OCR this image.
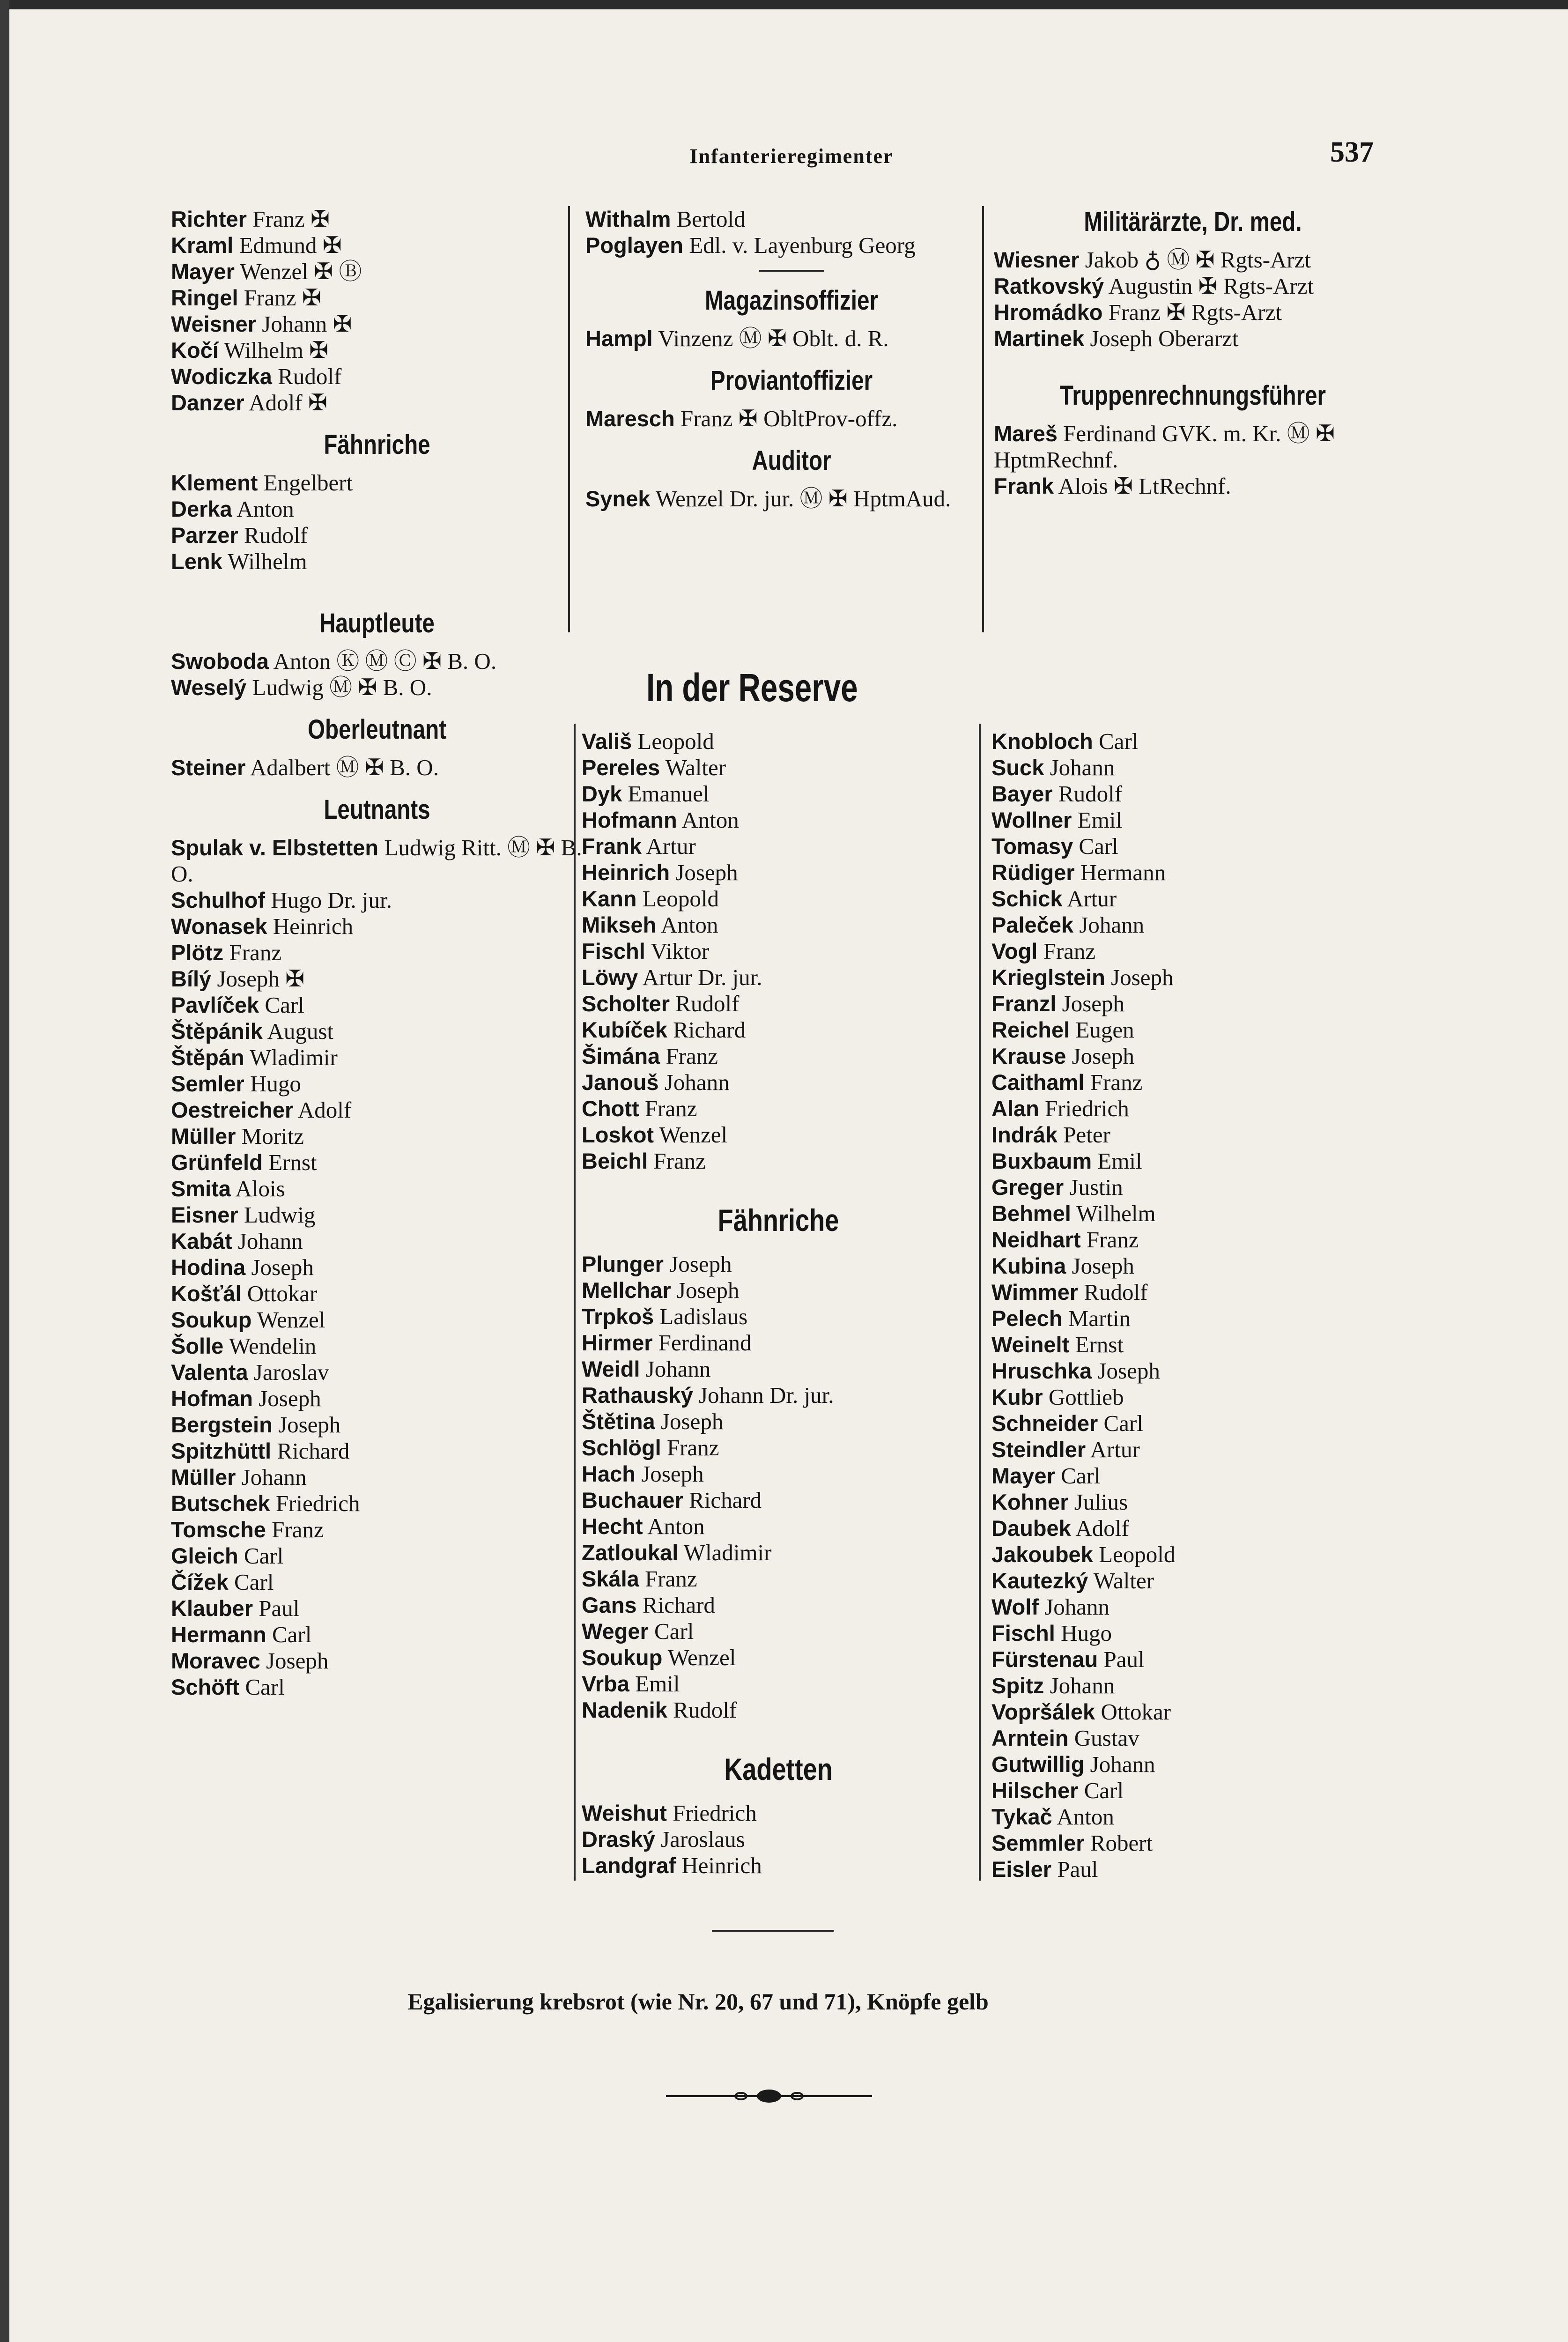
Infanterieregimenter	537
Richter Franz ✠
Kraml Edmund ✠
Mayer Wenzel ✠ Ⓑ
Ringel Franz ✠
Weisner Johann ✠
Kočí Wilhelm ✠
Wodiczka Rudolf
Danzer Adolf ✠
Fähnriche
Klement Engelbert
Derka Anton
Parzer Rudolf
Lenk Wilhelm
Hauptleute
Swoboda Anton Ⓚ Ⓜ Ⓒ ✠ B. O.
Weselý Ludwig Ⓜ ✠ B. O.
Oberleutnant
Steiner Adalbert Ⓜ ✠ B. O.
Leutnants
Spulak v. Elbstetten Ludwig Ritt. Ⓜ ✠ B. O.
Schulhof Hugo Dr. jur.
Wonasek Heinrich
Plötz Franz
Bílý Joseph ✠
Pavlíček Carl
Štěpánik August
Štěpán Wladimir
Semler Hugo
Oestreicher Adolf
Müller Moritz
Grünfeld Ernst
Smita Alois
Eisner Ludwig
Kabát Johann
Hodina Joseph
Košťál Ottokar
Soukup Wenzel
Šolle Wendelin
Valenta Jaroslav
Hofman Joseph
Bergstein Joseph
Spitzhüttl Richard
Müller Johann
Butschek Friedrich
Tomsche Franz
Gleich Carl
Čížek Carl
Klauber Paul
Hermann Carl
Moravec Joseph
Schöft Carl
Withalm Bertold
Poglayen Edl. v. Layenburg Georg
Magazinsoffizier
Hampl Vinzenz Ⓜ ✠ Oblt. d. R.
Proviantoffizier
Maresch Franz ✠ ObltProv-offz.
Auditor
Synek Wenzel Dr. jur. Ⓜ ✠ HptmAud.
Militärärzte, Dr. med.
Wiesner Jakob ♁ Ⓜ ✠ Rgts-Arzt
Ratkovský Augustin ✠ Rgts-Arzt
Hromádko Franz ✠ Rgts-Arzt
Martinek Joseph Oberarzt
Truppenrechnungsführer
Mareš Ferdinand GVK. m. Kr. Ⓜ ✠ HptmRechnf.
Frank Alois ✠ LtRechnf.
In der Reserve
Vališ Leopold
Pereles Walter
Dyk Emanuel
Hofmann Anton
Frank Artur
Heinrich Joseph
Kann Leopold
Mikseh Anton
Fischl Viktor
Löwy Artur Dr. jur.
Scholter Rudolf
Kubíček Richard
Šimána Franz
Janouš Johann
Chott Franz
Loskot Wenzel
Beichl Franz
Fähnriche
Plunger Joseph
Mellchar Joseph
Trpkoš Ladislaus
Hirmer Ferdinand
Weidl Johann
Rathauský Johann Dr. jur.
Štětina Joseph
Schlögl Franz
Hach Joseph
Buchauer Richard
Hecht Anton
Zatloukal Wladimir
Skála Franz
Gans Richard
Weger Carl
Soukup Wenzel
Vrba Emil
Nadenik Rudolf
Kadetten
Weishut Friedrich
Draský Jaroslaus
Landgraf Heinrich
Knobloch Carl
Suck Johann
Bayer Rudolf
Wollner Emil
Tomasy Carl
Rüdiger Hermann
Schick Artur
Paleček Johann
Vogl Franz
Krieglstein Joseph
Franzl Joseph
Reichel Eugen
Krause Joseph
Caithaml Franz
Alan Friedrich
Indrák Peter
Buxbaum Emil
Greger Justin
Behmel Wilhelm
Neidhart Franz
Kubina Joseph
Wimmer Rudolf
Pelech Martin
Weinelt Ernst
Hruschka Joseph
Kubr Gottlieb
Schneider Carl
Steindler Artur
Mayer Carl
Kohner Julius
Daubek Adolf
Jakoubek Leopold
Kautezký Walter
Wolf Johann
Fischl Hugo
Fürstenau Paul
Spitz Johann
Vopršálek Ottokar
Arntein Gustav
Gutwillig Johann
Hilscher Carl
Tykač Anton
Semmler Robert
Eisler Paul
Egalisierung krebsrot (wie Nr. 20, 67 und 71), Knöpfe gelb
